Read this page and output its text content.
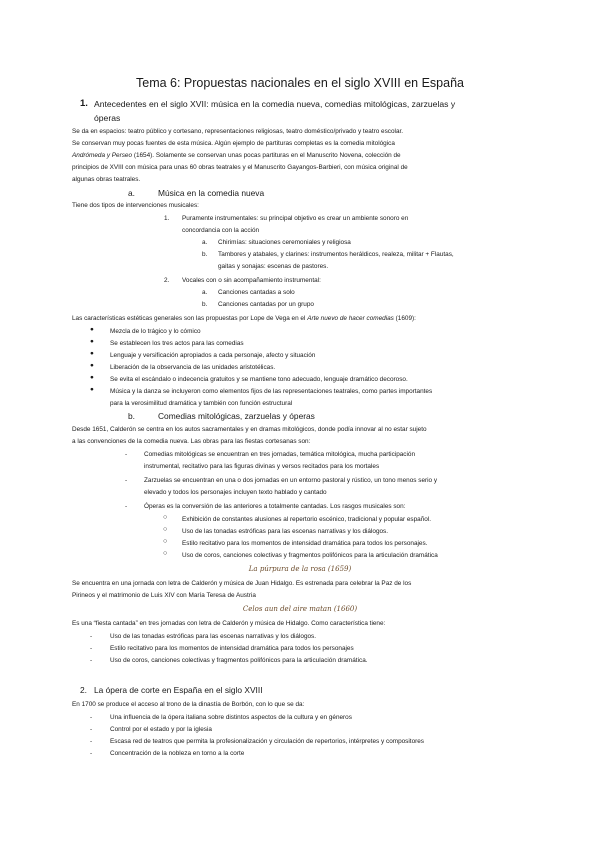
Tema 6: Propuestas nacionales en el siglo XVIII en España
1. Antecedentes en el siglo XVII: música en la comedia nueva, comedias mitológicas, zarzuelas y
óperas
Se da en espacios: teatro público y cortesano, representaciones religiosas, teatro doméstico/privado y teatro escolar.
Se conservan muy pocas fuentes de esta música. Algún ejemplo de partituras completas es la comedia mitológica
Andrómeda y Perseo (1654). Solamente se conservan unas pocas partituras en el Manuscrito Novena, colección de
principios de XVIII con música para unas 60 obras teatrales y el Manuscrito Gayangos-Barbieri, con música original de
algunas obras teatrales.
a.	Música en la comedia nueva
Tiene dos tipos de intervenciones musicales:
1. Puramente instrumentales: su principal objetivo es crear un ambiente sonoro en
concordancia con la acción
a. Chirimías: situaciones ceremoniales y religiosa
b. Tambores y atabales, y clarines: instrumentos heráldicos, realeza, militar + Flautas,
gaitas y sonajas: escenas de pastores.
2. Vocales con o sin acompañamiento instrumental:
a. Canciones cantadas a solo
b. Canciones cantadas por un grupo
Las características estéticas generales son las propuestas por Lope de Vega en el Arte nuevo de hacer comedias (1609):
●	Mezcla de lo trágico y lo cómico
●	Se establecen los tres actos para las comedias
●	Lenguaje y versificación apropiados a cada personaje, afecto y situación
●	Liberación de la observancia de las unidades aristotélicas.
●	Se evita el escándalo o indecencia gratuitos y se mantiene tono adecuado, lenguaje dramático decoroso.
●	Música y la danza se incluyeron como elementos fijos de las representaciones teatrales, como partes importantes
para la verosimilitud dramática y también con función estructural
b.	Comedias mitológicas, zarzuelas y óperas
Desde 1651, Calderón se centra en los autos sacramentales y en dramas mitológicos, donde podía innovar al no estar sujeto
a las convenciones de la comedia nueva. Las obras para las fiestas cortesanas son:
-	Comedias mitológicas se encuentran en tres jornadas, temática mitológica, mucha participación
instrumental, recitativo para las figuras divinas y versos recitados para los mortales
-	Zarzuelas se encuentran en una o dos jornadas en un entorno pastoral y rústico, un tono menos serio y
elevado y todos los personajes incluyen texto hablado y cantado
-	Óperas es la conversión de las anteriores a totalmente cantadas. Los rasgos musicales son:
○ Exhibición de constantes alusiones al repertorio escénico, tradicional y popular español.
○ Uso de las tonadas estróficas para las escenas narrativas y los diálogos.
○ Estilo recitativo para los momentos de intensidad dramática para todos los personajes.
○ Uso de coros, canciones colectivas y fragmentos polifónicos para la articulación dramática
La púrpura de la rosa (1659)
Se encuentra en una jornada con letra de Calderón y música de Juan Hidalgo. Es estrenada para celebrar la Paz de los
Pirineos y el matrimonio de Luis XIV con María Teresa de Austria
Celos aun del aire matan (1660)
Es una “fiesta cantada” en tres jornadas con letra de Calderón y música de Hidalgo. Como característica tiene:
-	Uso de las tonadas estróficas para las escenas narrativas y los diálogos.
-	Estilo recitativo para los momentos de intensidad dramática para todos los personajes
-	Uso de coros, canciones colectivas y fragmentos polifónicos para la articulación dramática.
2. La ópera de corte en España en el siglo XVIII
En 1700 se produce el acceso al trono de la dinastía de Borbón, con lo que se da:
-	Una influencia de la ópera italiana sobre distintos aspectos de la cultura y en géneros
-	Control por el estado y por la iglesia
-	Escasa red de teatros que permita la profesionalización y circulación de repertorios, intérpretes y compositores
-	Concentración de la nobleza en torno a la corte
